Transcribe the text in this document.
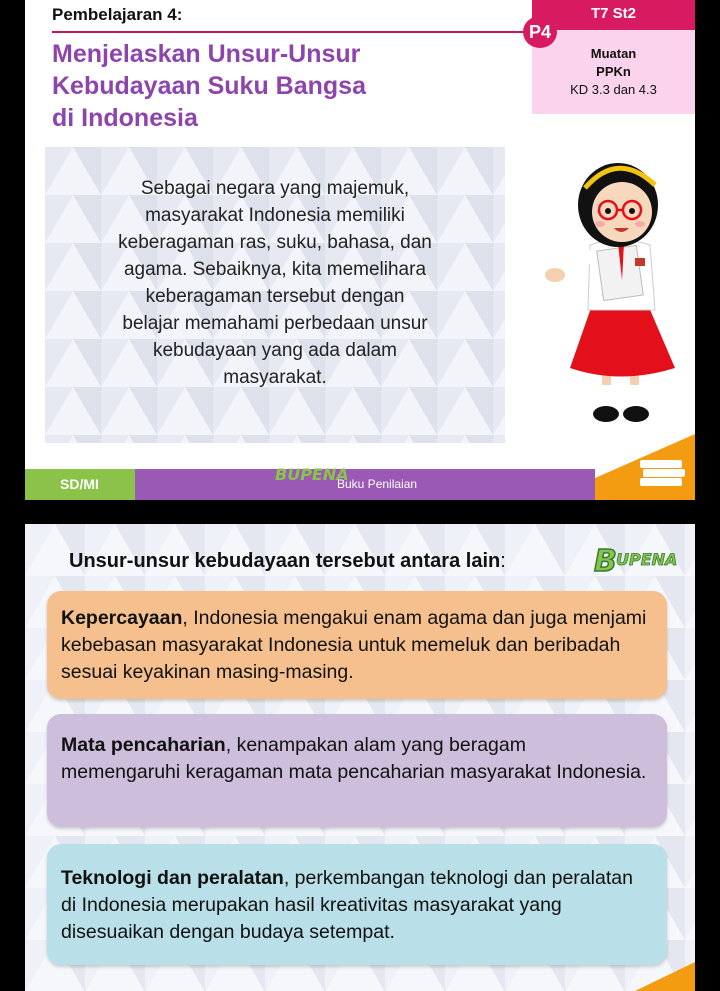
Pembelajaran 4:	T7 St2
Muatan
PPKn
KD 3.3 dan 4.3
P4
Menjelaskan Unsur-Unsur
Kebudayaan Suku Bangsa
di Indonesia
Sebagai negara yang majemuk,
masyarakat Indonesia memiliki
keberagaman ras, suku, bahasa, dan
agama. Sebaiknya, kita memelihara
keberagaman tersebut dengan
belajar memahami perbedaan unsur
kebudayaan yang ada dalam
masyarakat.
SD/MI	BUPENA
Buku Penilaian
Unsur-unsur kebudayaan tersebut antara lain:	B UPENA

Kepercayaan, Indonesia mengakui enam agama dan juga menjami kebebasan masyarakat Indonesia untuk memeluk dan beribadah sesuai keyakinan masing-masing.

Mata pencaharian, kenampakan alam yang beragam memengaruhi keragaman mata pencaharian masyarakat Indonesia.

Teknologi dan peralatan, perkembangan teknologi dan peralatan di Indonesia merupakan hasil kreativitas masyarakat yang disesuaikan dengan budaya setempat.
